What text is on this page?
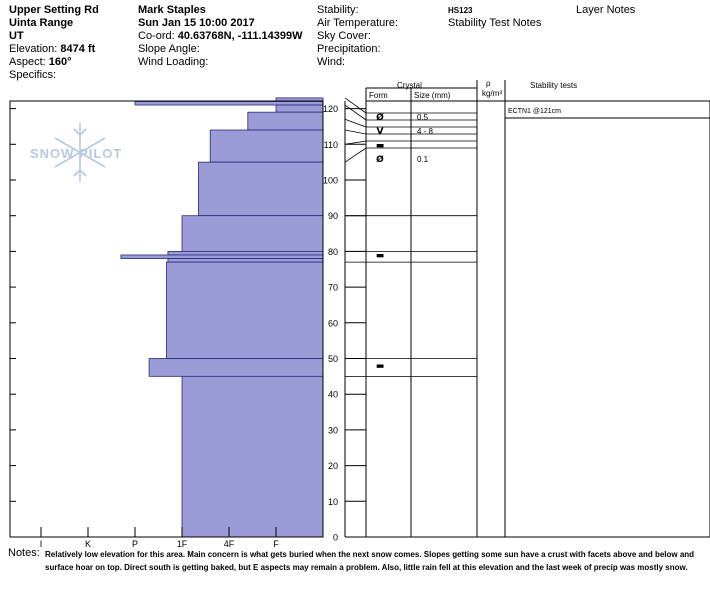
Upper Setting Rd
Uinta Range
UT
Elevation: 8474 ft
Aspect: 160°
Specifics:
Mark Staples
Sun Jan 15 10:00 2017
Co-ord: 40.63768N, -111.14399W
Slope Angle:
Wind Loading:
Stability:
Air Temperature:
Sky Cover:
Precipitation:
Wind:
HS123
Stability Test Notes
Layer Notes
Crystal
Form	Size (mm)
ρ
kg/m³
Stability tests
SNOW PILOT
I	K	P	1F	4F	F
0
10
20
30
40
50
60
70
80
90
100
110
120
Ø	0.5
V	4 - 8
▬
Ø	0.1
▬
▬
ECTN1 @121cm
Notes: Relatively low elevation for this area. Main concern is what gets buried when the next snow comes. Slopes getting some sun have a crust with facets above and below and surface hoar on top. Direct south is getting baked, but E aspects may remain a problem. Also, little rain fell at this elevation and the last week of precip was mostly snow.
